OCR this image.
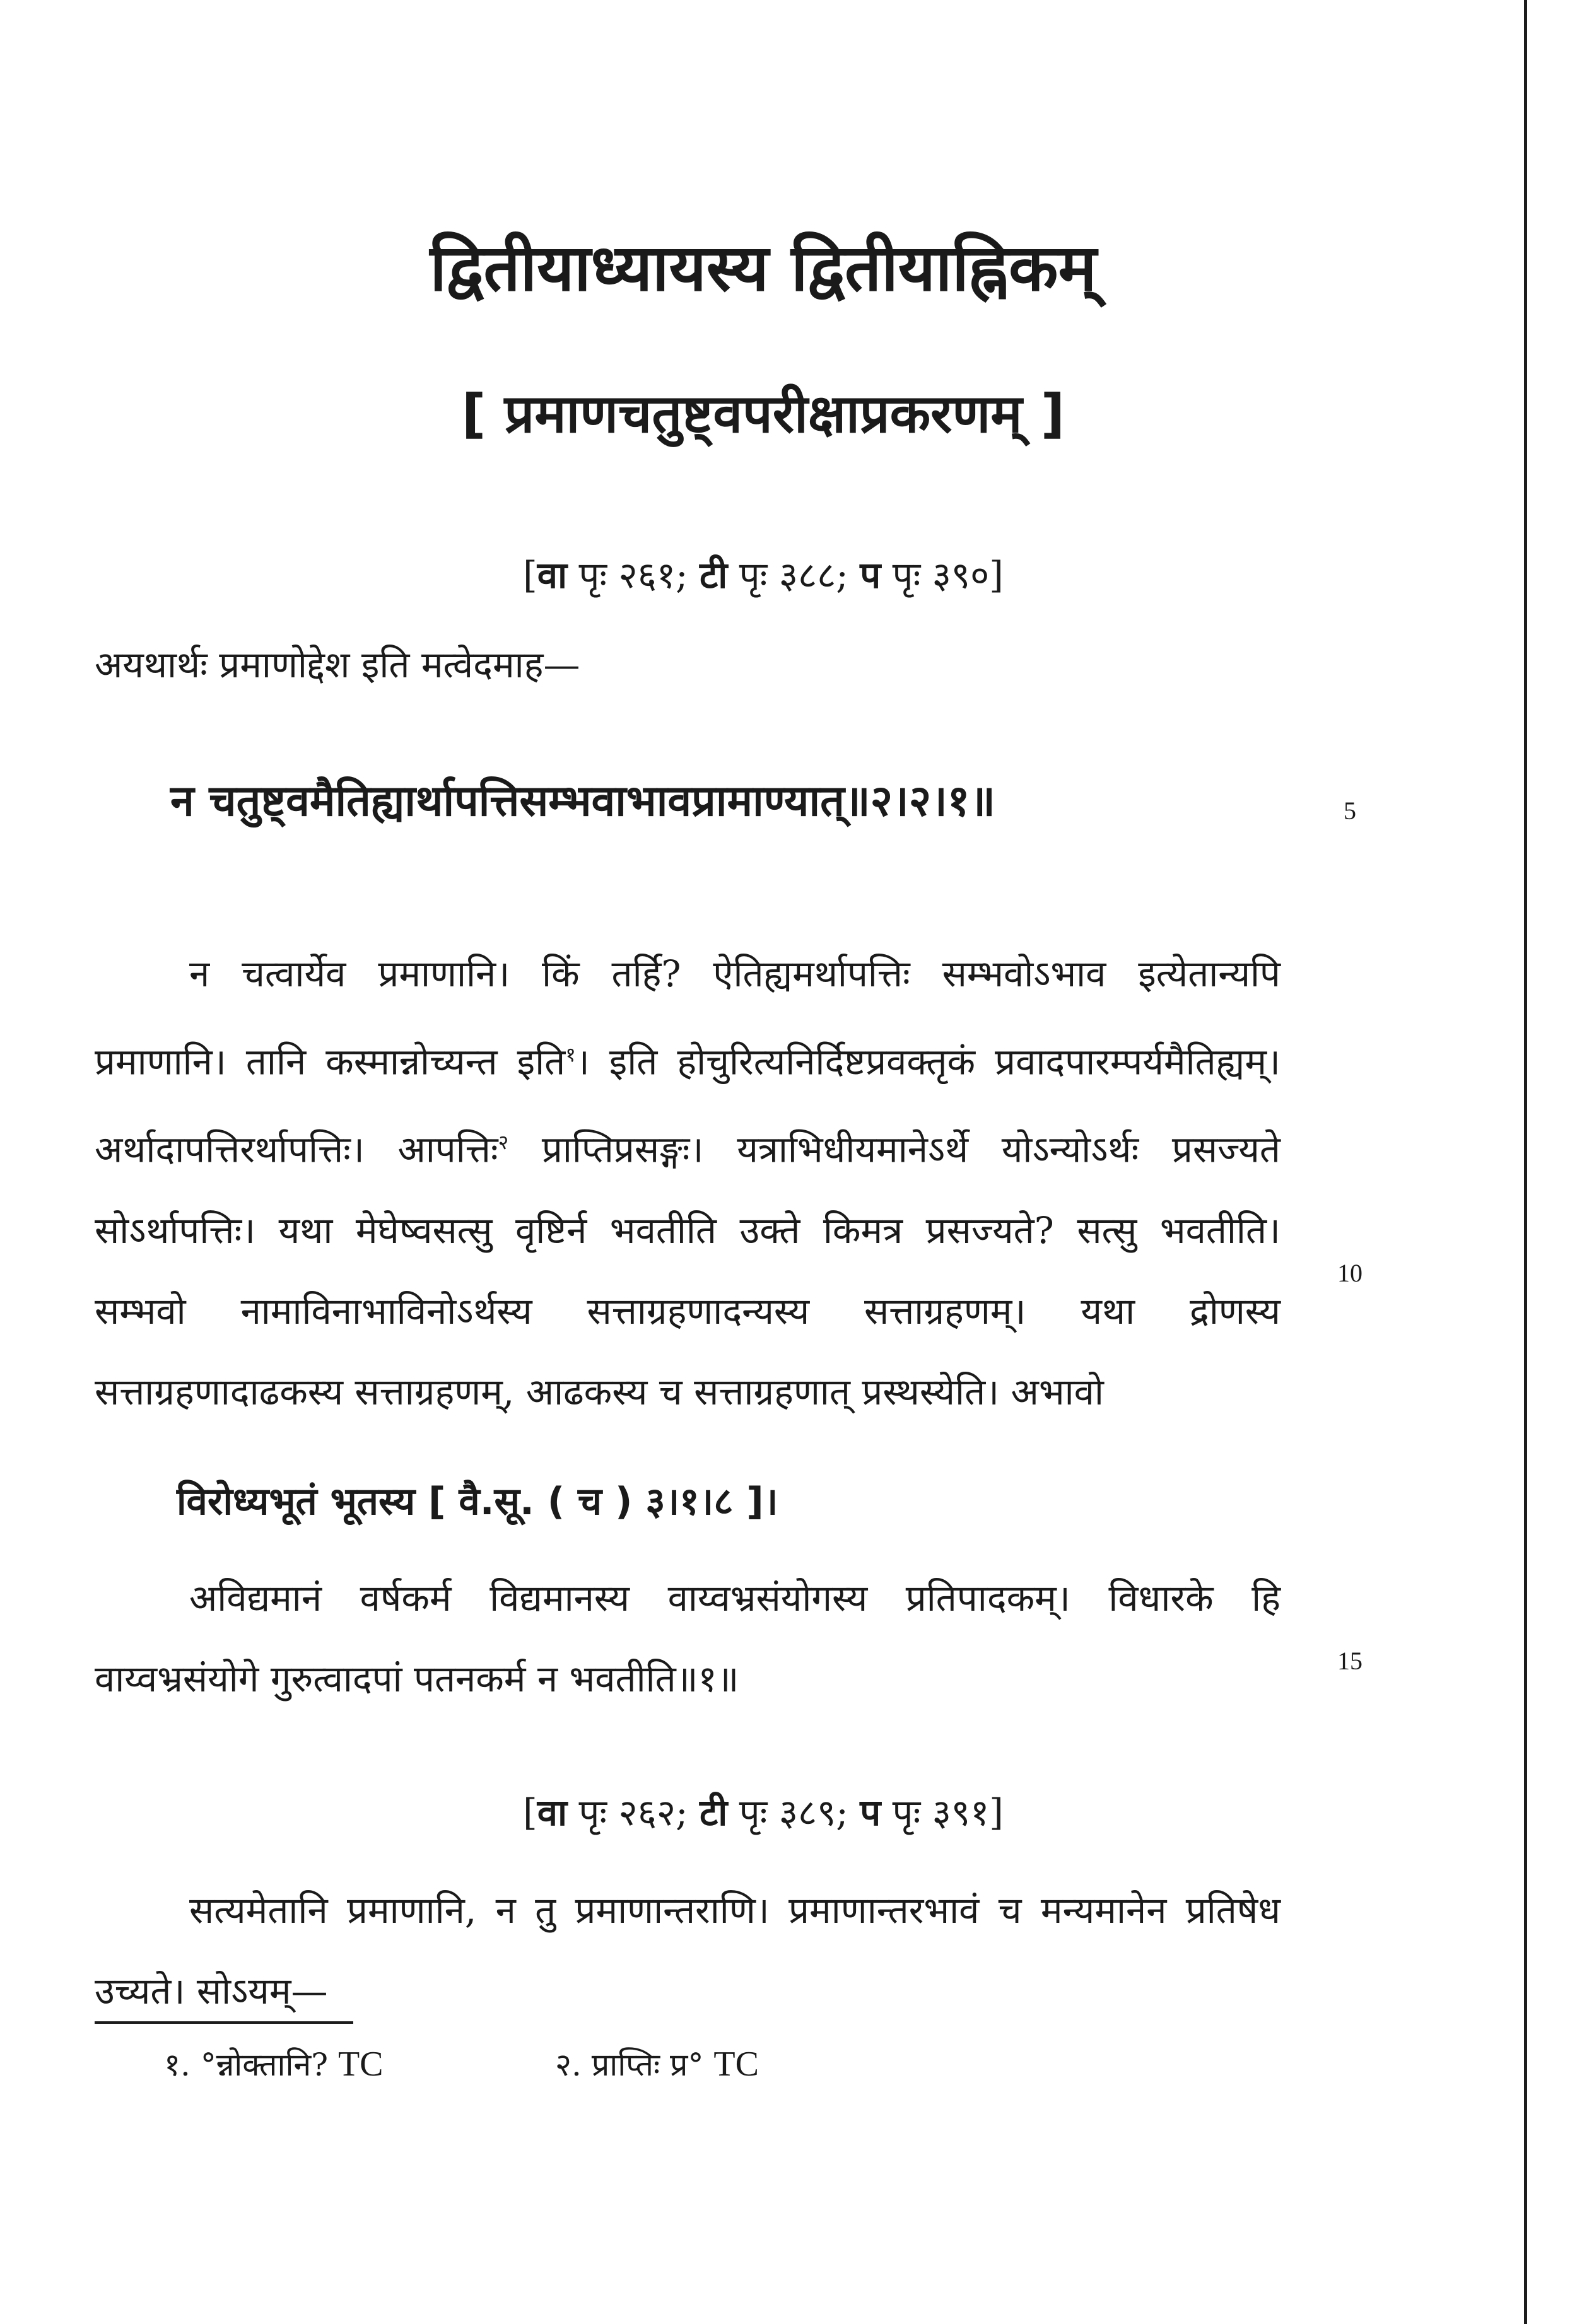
द्वितीयाध्यायस्य द्वितीयाह्निकम्
[ प्रमाणचतुष्ट्वपरीक्षाप्रकरणम् ]
[वा पृः २६१; टी पृः ३८८; प पृः ३९०]
अयथार्थः प्रमाणोद्देश इति मत्वेदमाह—
न चतुष्ट्वमैतिह्यार्थापत्तिसम्भवाभावप्रामाण्यात्॥२।२।१॥	5
न चत्वार्येव प्रमाणानि। किं तर्हि? ऐतिह्यमर्थापत्तिः सम्भवोऽभाव इत्येतान्यपि प्रमाणानि। तानि कस्मान्नोच्यन्त इति$^१$। इति होचुरित्यनिर्दिष्टप्रवक्तृकं प्रवादपारम्पर्यमैतिह्यम्। अर्थादापत्तिरर्थापत्तिः। आपत्तिः$^२$ प्राप्तिप्रसङ्गः। यत्राभिधीयमानेऽर्थे योऽन्योऽर्थः प्रसज्यते सोऽर्थापत्तिः। यथा मेघेष्वसत्सु वृष्टिर्न भवतीति उक्ते किमत्र प्रसज्यते? सत्सु भवतीति। सम्भवो नामाविनाभाविनोऽर्थस्य सत्ताग्रहणादन्यस्य सत्ताग्रहणम्। यथा द्रोणस्य सत्ताग्रहणादाढकस्य सत्ताग्रहणम्, आढकस्य च सत्ताग्रहणात् प्रस्थस्येति। अभावो
10
विरोध्यभूतं भूतस्य [ वै.सू. ( च ) ३।१।८ ]।
अविद्यमानं वर्षकर्म विद्यमानस्य वाय्वभ्रसंयोगस्य प्रतिपादकम्। विधारके हि वाय्वभ्रसंयोगे गुरुत्वादपां पतनकर्म न भवतीति॥१॥	15
[वा पृः २६२; टी पृः ३८९; प पृः ३९१]
सत्यमेतानि प्रमाणानि, न तु प्रमाणान्तराणि। प्रमाणान्तरभावं च मन्यमानेन प्रतिषेध उच्यते। सोऽयम्—
१. °न्नोक्तानि? TC	२. प्राप्तिः प्र° TC
